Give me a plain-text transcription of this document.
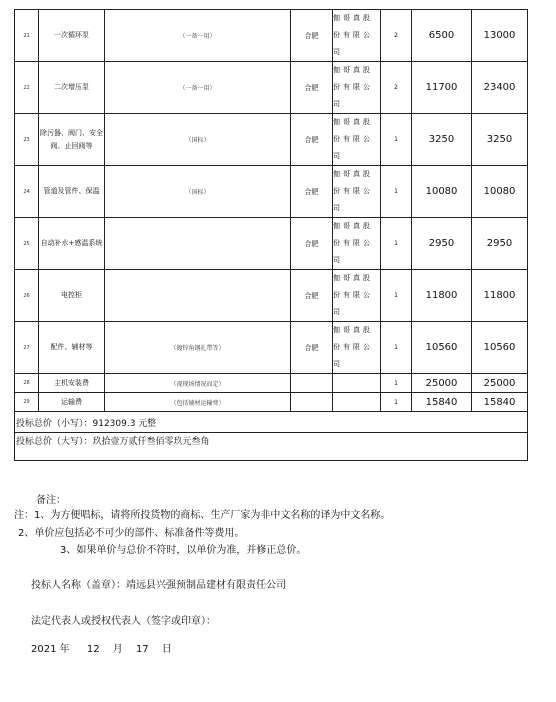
21	一次循环泵	（一备一用）	合肥	伽哥真股
份有限公
司	2	6500	13000
22	二次增压泵	（一备一用）	合肥	伽哥真股
份有限公
司	2	11700	23400
23	除污器、阀门、安全阀、止回阀等	（国标）	合肥	伽哥真股
份有限公
司	1	3250	3250
24	管道及管件、保温	（国标）	合肥	伽哥真股
份有限公
司	1	10080	10080
25	自动补水+感温系统		合肥	伽哥真股
份有限公
司	1	2950	2950
26	电控柜		合肥	伽哥真股
份有限公
司	1	11800	11800
27	配件、辅材等	（镀锌角钢扎带等）	合肥	伽哥真股
份有限公
司	1	10560	10560
28	主机安装费	（视现场情况而定）			1	25000	25000
29	运输费	（包括辅材运输费）			1	15840	15840
投标总价（小写）：912309.3 元整							
投标总价（大写）：玖拾壹万贰仟叁佰零玖元叁角							
备注：
注：1、为方便唱标，请将所投货物的商标、生产厂家为非中文名称的译为中文名称。
2、单价应包括必不可少的部件、标准备件等费用。
3、如果单价与总价不符时，以单价为准，并修正总价。
投标人名称（盖章）：靖远县兴强预制品建材有限责任公司
法定代表人或授权代表人（签字或印章）：
2021 年 12 月 17 日
